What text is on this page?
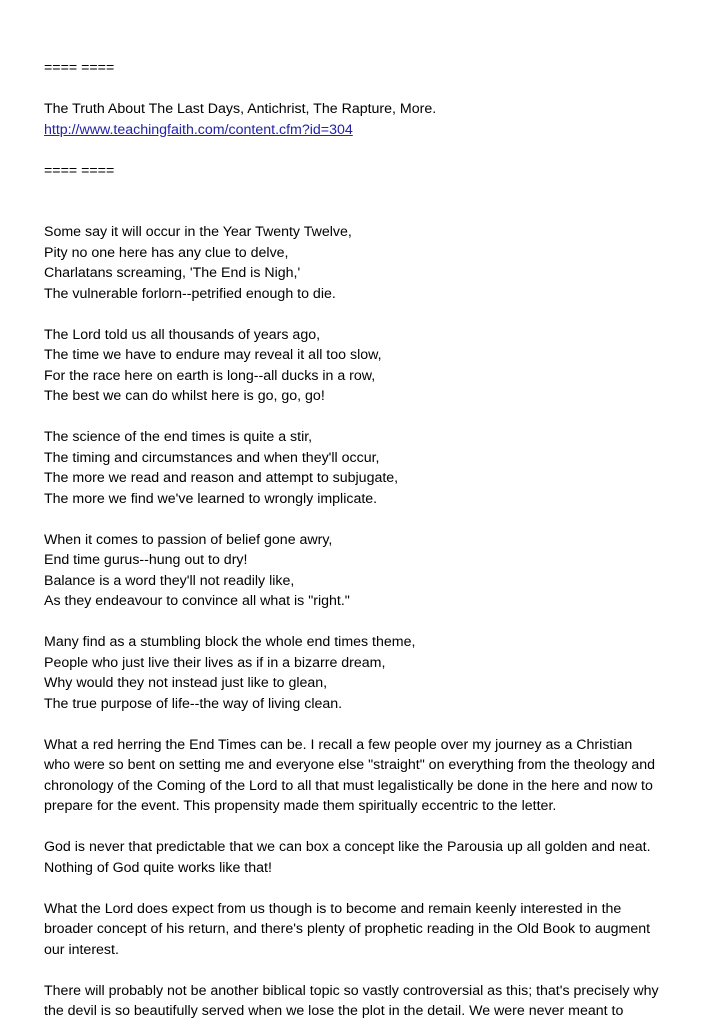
==== ====
The Truth About The Last Days, Antichrist, The Rapture, More.
http://www.teachingfaith.com/content.cfm?id=304
==== ====
Some say it will occur in the Year Twenty Twelve,
Pity no one here has any clue to delve,
Charlatans screaming, 'The End is Nigh,'
The vulnerable forlorn--petrified enough to die.
The Lord told us all thousands of years ago,
The time we have to endure may reveal it all too slow,
For the race here on earth is long--all ducks in a row,
The best we can do whilst here is go, go, go!
The science of the end times is quite a stir,
The timing and circumstances and when they'll occur,
The more we read and reason and attempt to subjugate,
The more we find we've learned to wrongly implicate.
When it comes to passion of belief gone awry,
End time gurus--hung out to dry!
Balance is a word they'll not readily like,
As they endeavour to convince all what is "right."
Many find as a stumbling block the whole end times theme,
People who just live their lives as if in a bizarre dream,
Why would they not instead just like to glean,
The true purpose of life--the way of living clean.
What a red herring the End Times can be. I recall a few people over my journey as a Christian
who were so bent on setting me and everyone else "straight" on everything from the theology and
chronology of the Coming of the Lord to all that must legalistically be done in the here and now to
prepare for the event. This propensity made them spiritually eccentric to the letter.
God is never that predictable that we can box a concept like the Parousia up all golden and neat.
Nothing of God quite works like that!
What the Lord does expect from us though is to become and remain keenly interested in the
broader concept of his return, and there's plenty of prophetic reading in the Old Book to augment
our interest.
There will probably not be another biblical topic so vastly controversial as this; that's precisely why
the devil is so beautifully served when we lose the plot in the detail. We were never meant to
